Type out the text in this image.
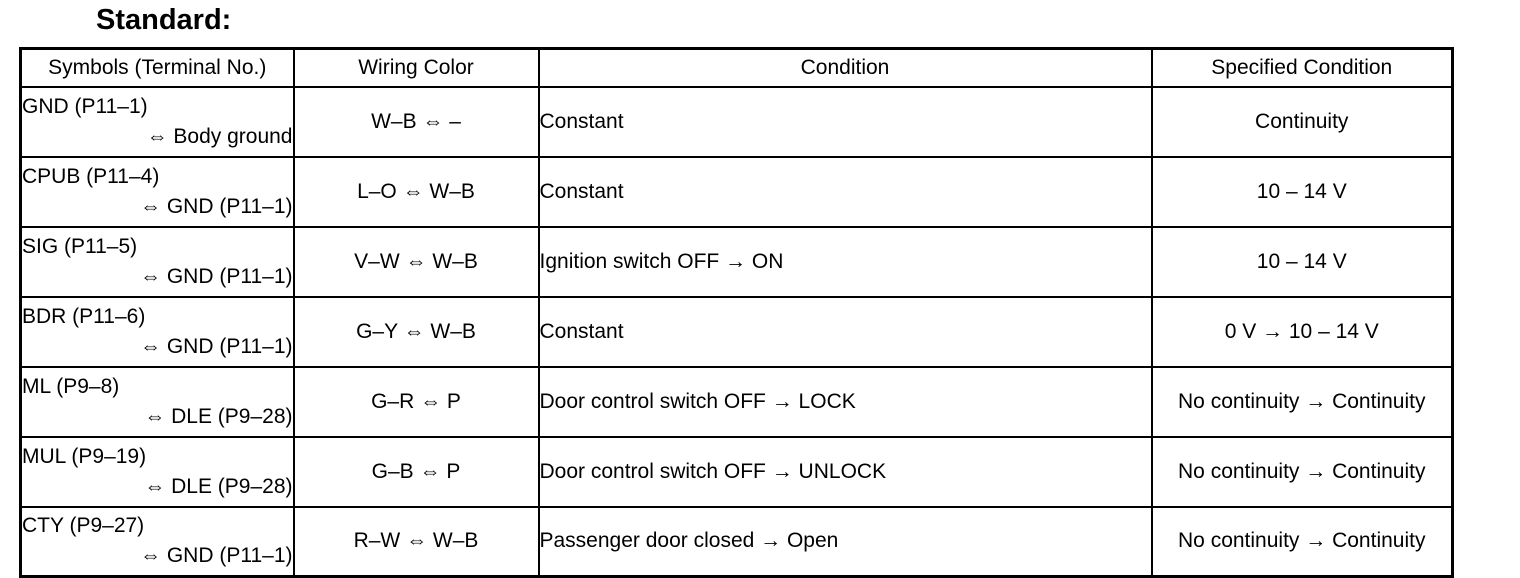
Standard:
Symbols (Terminal No.)	Wiring Color	Condition	Specified Condition

GND (P11–1)
⇔ Body ground	W–B ⇔ –	Constant	Continuity

CPUB (P11–4)
⇔ GND (P11–1)	L–O ⇔ W–B	Constant	10 – 14 V

SIG (P11–5)
⇔ GND (P11–1)	V–W ⇔ W–B	Ignition switch OFF → ON	10 – 14 V

BDR (P11–6)
⇔ GND (P11–1)	G–Y ⇔ W–B	Constant	0 V → 10 – 14 V

ML (P9–8)
⇔ DLE (P9–28)	G–R ⇔ P	Door control switch OFF → LOCK	No continuity → Continuity

MUL (P9–19)
⇔ DLE (P9–28)	G–B ⇔ P	Door control switch OFF → UNLOCK	No continuity → Continuity

CTY (P9–27)
⇔ GND (P11–1)	R–W ⇔ W–B	Passenger door closed → Open	No continuity → Continuity
